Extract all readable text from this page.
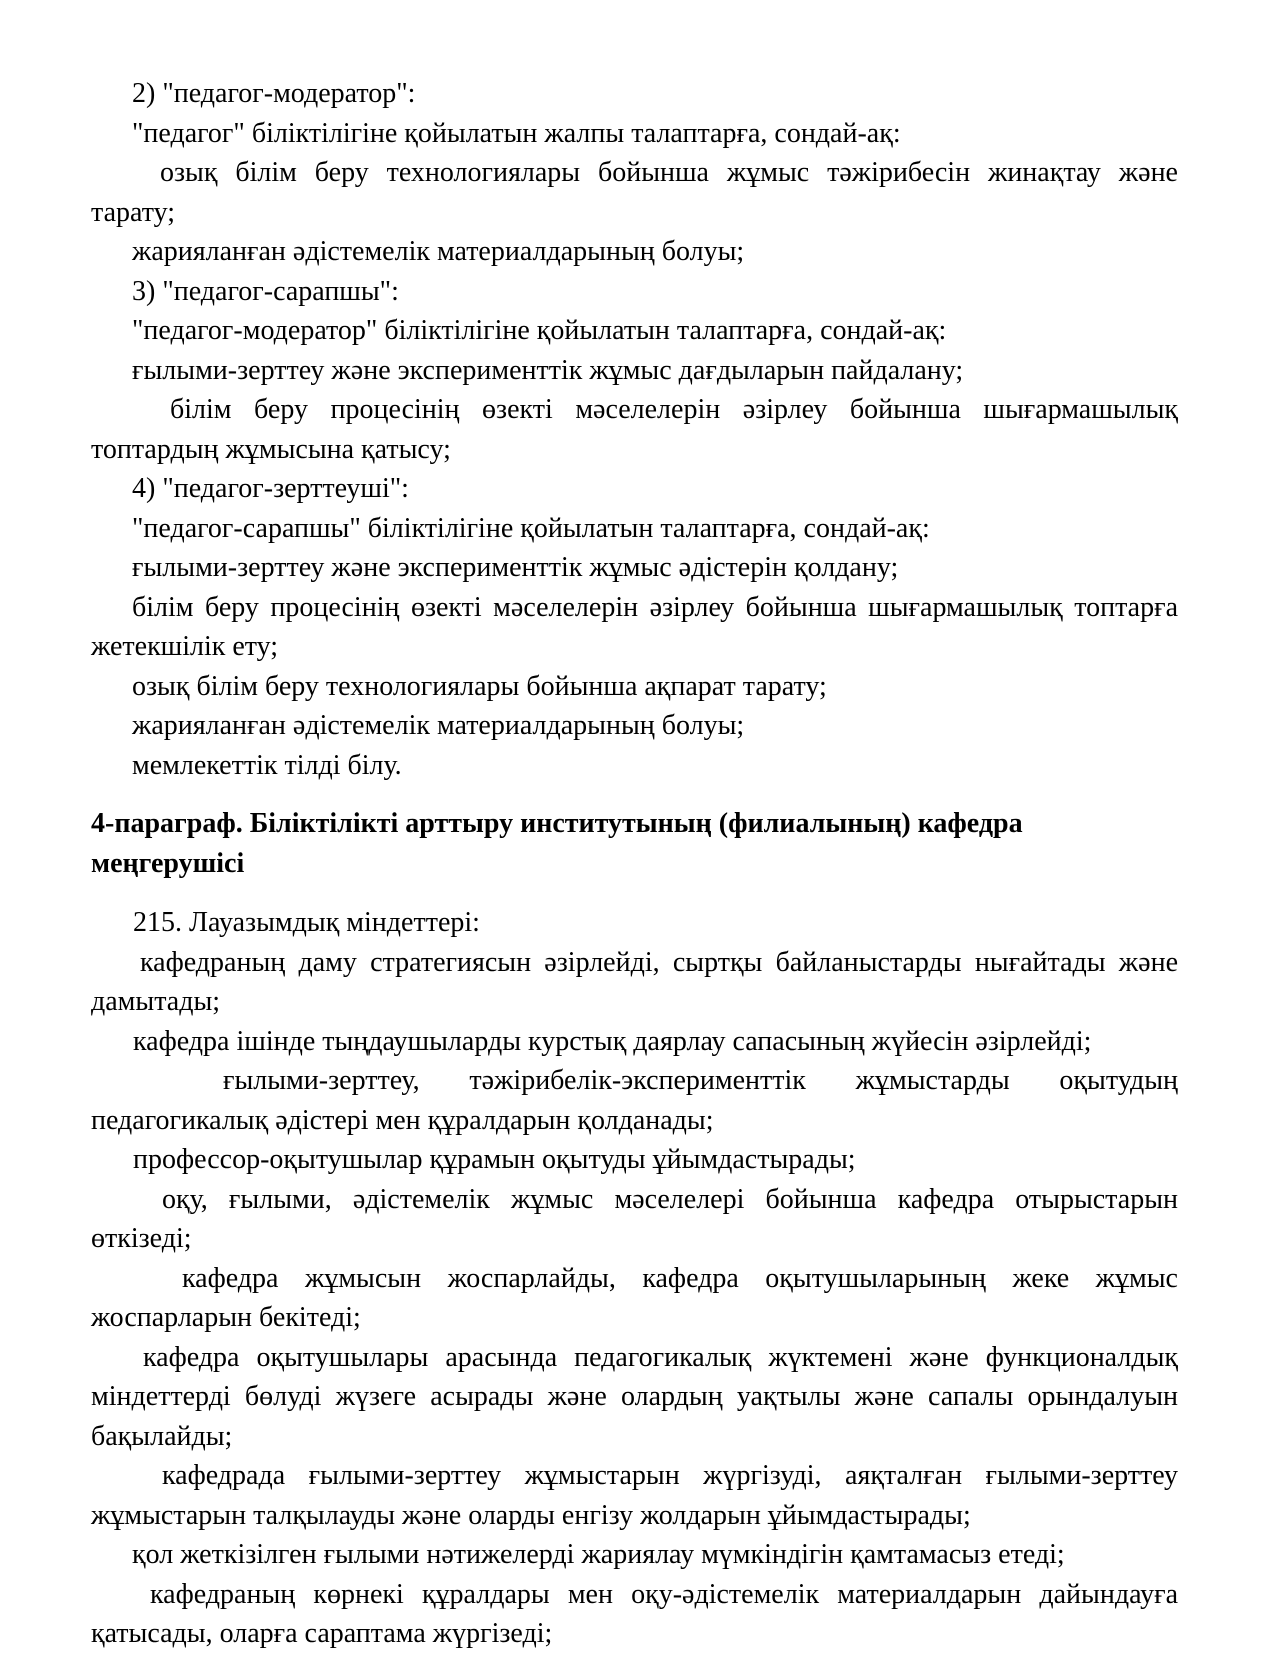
2) "педагог-модератор":

"педагог" біліктілігіне қойылатын жалпы талаптарға, сондай-ақ:

озық білім беру технологиялары бойынша жұмыс тәжірибесін жинақтау және тарату;

жарияланған әдістемелік материалдарының болуы;

3) "педагог-сарапшы":

"педагог-модератор" біліктілігіне қойылатын талаптарға, сондай-ақ:

ғылыми-зерттеу және эксперименттік жұмыс дағдыларын пайдалану;

білім беру процесінің өзекті мәселелерін әзірлеу бойынша шығармашылық топтардың жұмысына қатысу;

4) "педагог-зерттеуші":

"педагог-сарапшы" біліктілігіне қойылатын талаптарға, сондай-ақ:

ғылыми-зерттеу және эксперименттік жұмыс әдістерін қолдану;

білім беру процесінің өзекті мәселелерін әзірлеу бойынша шығармашылық топтарға жетекшілік ету;

озық білім беру технологиялары бойынша ақпарат тарату;

жарияланған әдістемелік материалдарының болуы;

мемлекеттік тілді білу.

4-параграф. Біліктілікті арттыру институтының (филиалының) кафедра меңгерушісі

215. Лауазымдық міндеттері:

кафедраның даму стратегиясын әзірлейді, сыртқы байланыстарды нығайтады және дамытады;

кафедра ішінде тыңдаушыларды курстық даярлау сапасының жүйесін әзірлейді;

ғылыми-зерттеу, тәжірибелік-эксперименттік жұмыстарды оқытудың педагогикалық әдістері мен құралдарын қолданады;

профессор-оқытушылар құрамын оқытуды ұйымдастырады;

оқу, ғылыми, әдістемелік жұмыс мәселелері бойынша кафедра отырыстарын өткізеді;

кафедра жұмысын жоспарлайды, кафедра оқытушыларының жеке жұмыс жоспарларын бекітеді;

кафедра оқытушылары арасында педагогикалық жүктемені және функционалдық міндеттерді бөлуді жүзеге асырады және олардың уақтылы және сапалы орындалуын бақылайды;

кафедрада ғылыми-зерттеу жұмыстарын жүргізуді, аяқталған ғылыми-зерттеу жұмыстарын талқылауды және оларды енгізу жолдарын ұйымдастырады;

қол жеткізілген ғылыми нәтижелерді жариялау мүмкіндігін қамтамасыз етеді;

кафедраның көрнекі құралдары мен оқу-әдістемелік материалдарын дайындауға қатысады, оларға сараптама жүргізеді;
